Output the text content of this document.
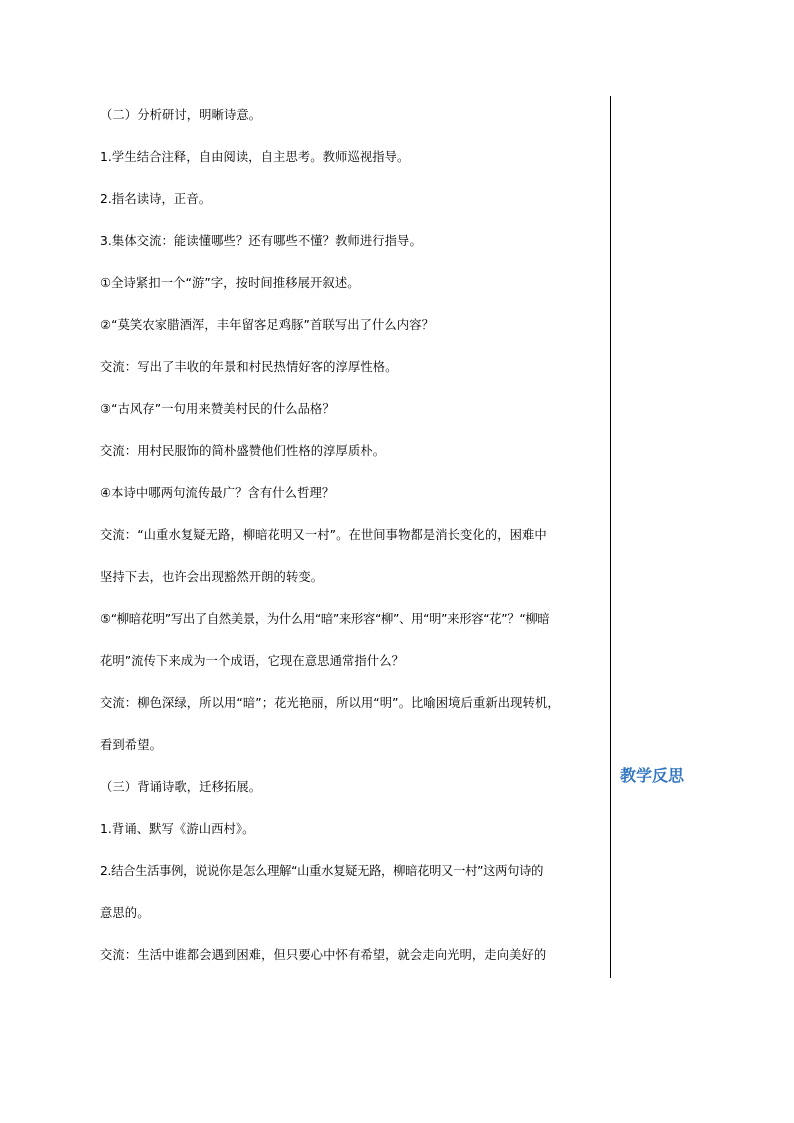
（二）分析研讨，明晰诗意。
1.学生结合注释，自由阅读，自主思考。教师巡视指导。
2.指名读诗，正音。
3.集体交流：能读懂哪些？还有哪些不懂？教师进行指导。
①全诗紧扣一个“游”字，按时间推移展开叙述。
②“莫笑农家腊酒浑，丰年留客足鸡豚”首联写出了什么内容？
交流：写出了丰收的年景和村民热情好客的淳厚性格。
③“古风存”一句用来赞美村民的什么品格？
交流：用村民服饰的简朴盛赞他们性格的淳厚质朴。
④本诗中哪两句流传最广？含有什么哲理？
交流：“山重水复疑无路，柳暗花明又一村”。在世间事物都是消长变化的，困难中
坚持下去，也许会出现豁然开朗的转变。
⑤“柳暗花明”写出了自然美景，为什么用“暗”来形容“柳”、用“明”来形容“花”？“柳暗
花明”流传下来成为一个成语，它现在意思通常指什么？
交流：柳色深绿，所以用“暗”；花光艳丽，所以用“明”。比喻困境后重新出现转机，
看到希望。
（三）背诵诗歌，迁移拓展。
1.背诵、默写《游山西村》。
2.结合生活事例，说说你是怎么理解“山重水复疑无路，柳暗花明又一村”这两句诗的
意思的。
交流：生活中谁都会遇到困难，但只要心中怀有希望，就会走向光明，走向美好的
教学反思
